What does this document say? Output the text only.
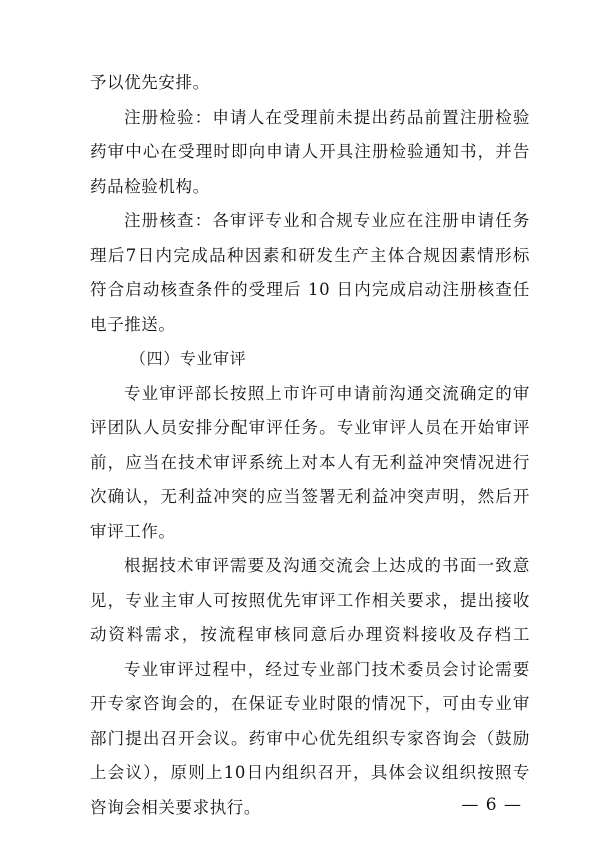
予以优先安排。
注册检验：申请人在受理前未提出药品前置注册检验
药审中心在受理时即向申请人开具注册检验通知书，并告
药品检验机构。
注册核查：各审评专业和合规专业应在注册申请任务
理后7日内完成品种因素和研发生产主体合规因素情形标
符合启动核查条件的受理后 10 日内完成启动注册核查任
电子推送。
（四）专业审评
专业审评部长按照上市许可申请前沟通交流确定的审
评团队人员安排分配审评任务。专业审评人员在开始审评
前，应当在技术审评系统上对本人有无利益冲突情况进行
次确认，无利益冲突的应当签署无利益冲突声明，然后开
审评工作。
根据技术审评需要及沟通交流会上达成的书面一致意
见，专业主审人可按照优先审评工作相关要求，提出接收
动资料需求，按流程审核同意后办理资料接收及存档工
专业审评过程中，经过专业部门技术委员会讨论需要
开专家咨询会的，在保证专业时限的情况下，可由专业审
部门提出召开会议。药审中心优先组织专家咨询会（鼓励
上会议），原则上10日内组织召开，具体会议组织按照专
咨询会相关要求执行。	— 6 —
